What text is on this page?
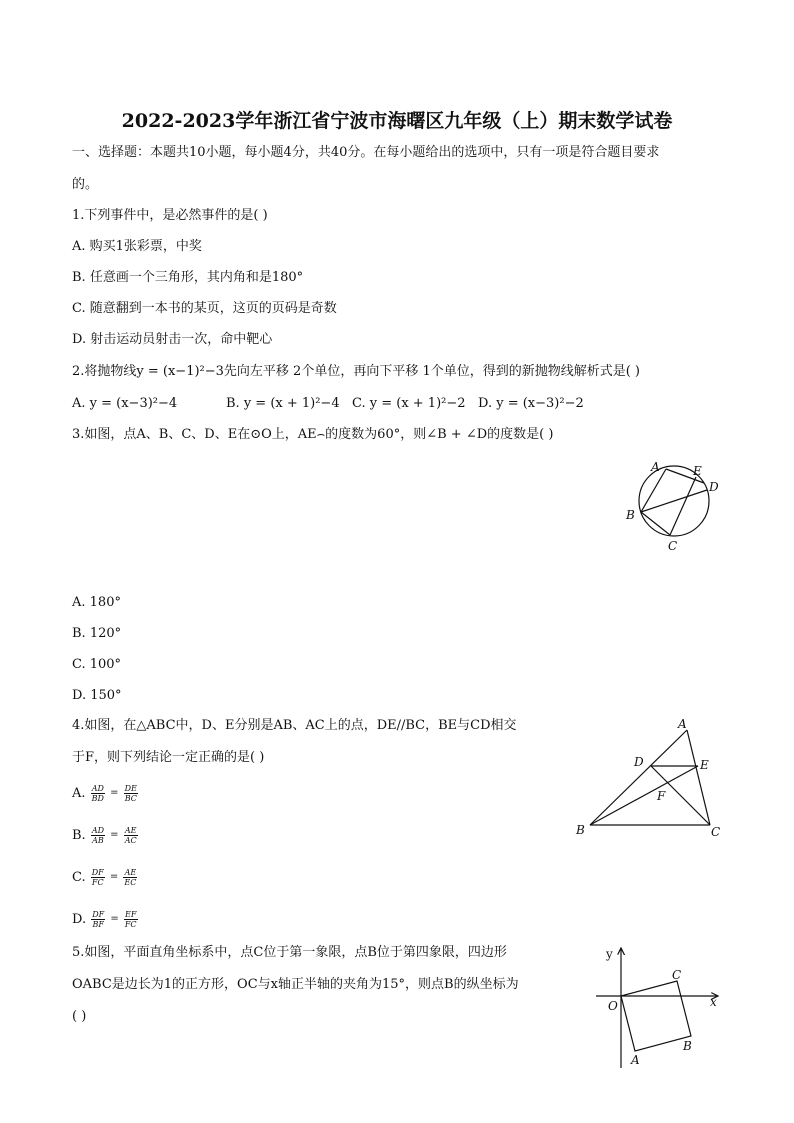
2022-2023学年浙江省宁波市海曙区九年级（上）期末数学试卷
一、选择题：本题共10小题，每小题4分，共40分。在每小题给出的选项中，只有一项是符合题目要求
的。
1.下列事件中，是必然事件的是( )
A. 购买1张彩票，中奖
B. 任意画一个三角形，其内角和是180°
C. 随意翻到一本书的某页，这页的页码是奇数
D. 射击运动员射击一次，命中靶心
2.将抛物线y = (x−1)²−3先向左平移 2个单位，再向下平移 1个单位，得到的新抛物线解析式是( )
A. y = (x−3)²−4	B. y = (x + 1)²−4 C. y = (x + 1)²−2 D. y = (x−3)²−2
3.如图，点A、B、C、D、E在⊙O上，AE⌢的度数为60°，则∠B + ∠D的度数是( )
A	E
D
B
C
A. 180°
B. 120°
C. 100°
D. 150°
4.如图，在△ABC中，D、E分别是AB、AC上的点，DE//BC，BE与CD相交
于F，则下列结论一定正确的是( )
A. $\frac{AD}{BD} = \frac{DE}{BC}$
B. $\frac{AD}{AB} = \frac{AE}{AC}$
C. $\frac{DF}{FC} = \frac{AE}{EC}$
D. $\frac{DF}{BF} = \frac{EF}{FC}$
A
D	E
F
B	C
5.如图，平面直角坐标系中，点C位于第一象限，点B位于第四象限，四边形
OABC是边长为1的正方形，OC与x轴正半轴的夹角为15°，则点B的纵坐标为
( )
y
C
x
O
B
A
